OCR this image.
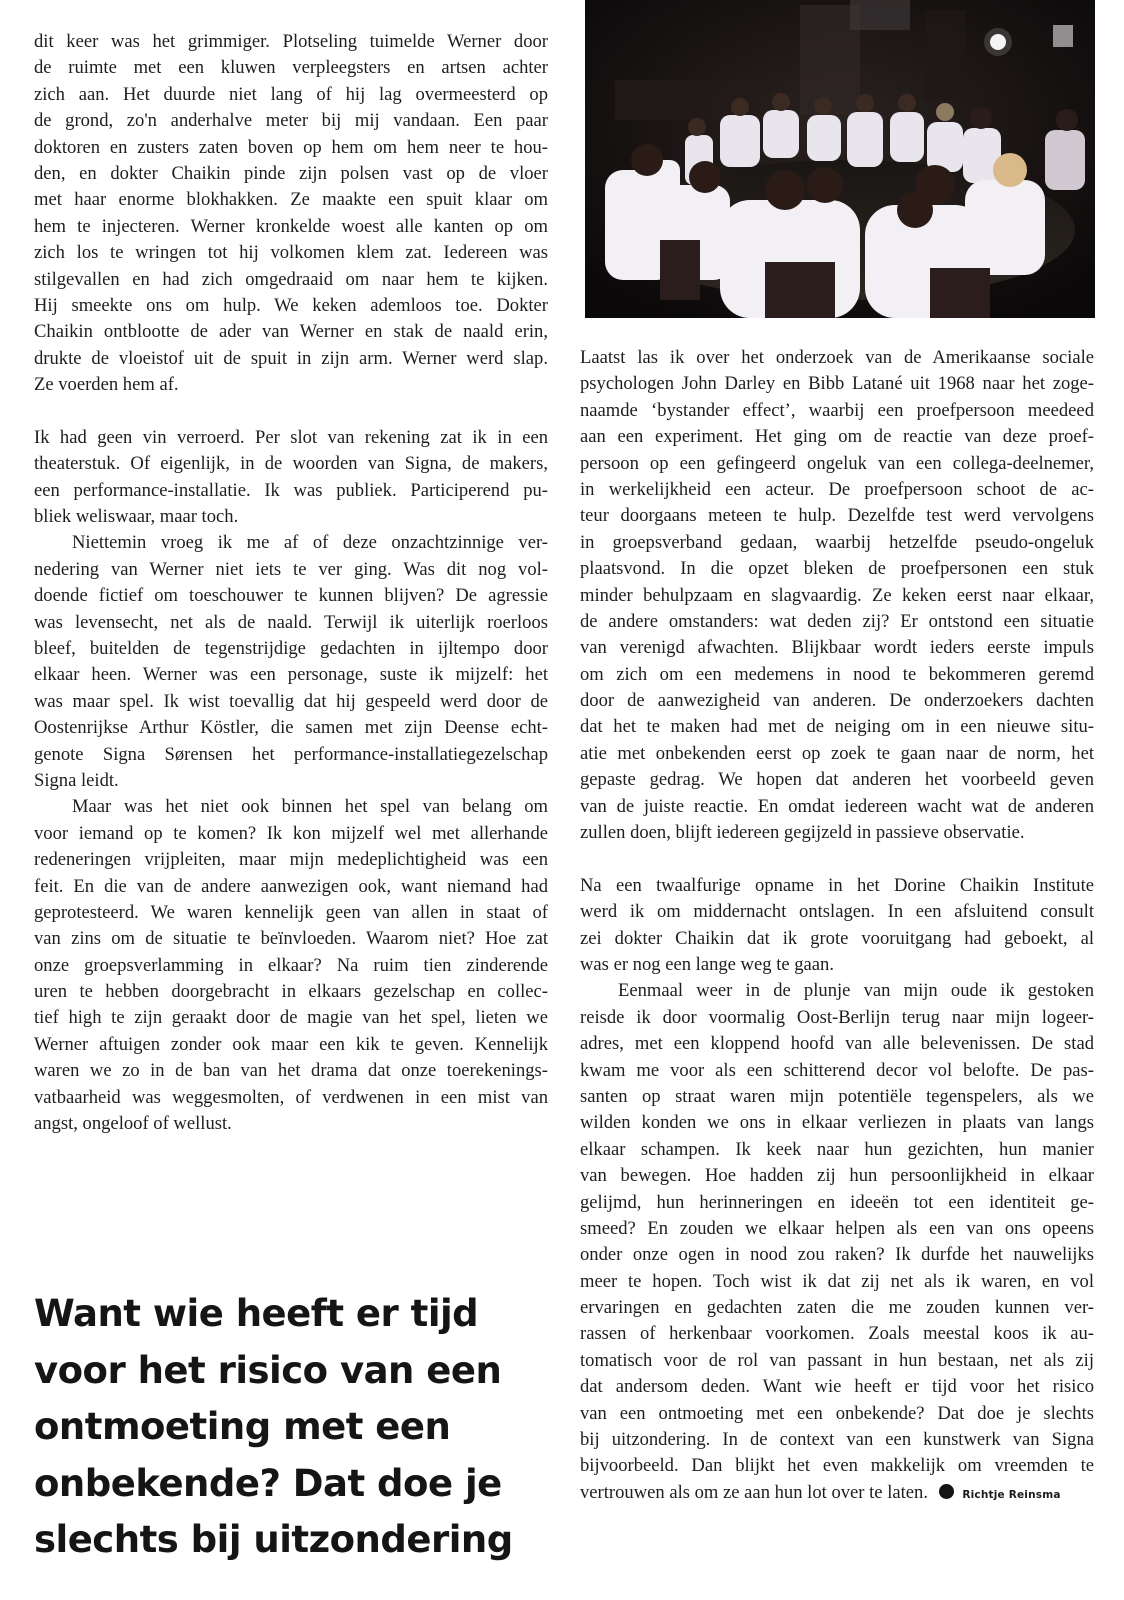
dit keer was het grimmiger. Plotseling tuimelde Werner door
de ruimte met een kluwen verpleegsters en artsen achter
zich aan. Het duurde niet lang of hij lag overmeesterd op
de grond, zo'n anderhalve meter bij mij vandaan. Een paar
doktoren en zusters zaten boven op hem om hem neer te hou-
den, en dokter Chaikin pinde zijn polsen vast op de vloer
met haar enorme blokhakken. Ze maakte een spuit klaar om
hem te injecteren. Werner kronkelde woest alle kanten op om
zich los te wringen tot hij volkomen klem zat. Iedereen was
stilgevallen en had zich omgedraaid om naar hem te kijken.
Hij smeekte ons om hulp. We keken ademloos toe. Dokter
Chaikin ontblootte de ader van Werner en stak de naald erin,
drukte de vloeistof uit de spuit in zijn arm. Werner werd slap.
Ze voerden hem af.
Ik had geen vin verroerd. Per slot van rekening zat ik in een
theaterstuk. Of eigenlijk, in de woorden van Signa, de makers,
een performance-installatie. Ik was publiek. Participerend pu-
bliek weliswaar, maar toch.
Niettemin vroeg ik me af of deze onzachtzinnige ver-
nedering van Werner niet iets te ver ging. Was dit nog vol-
doende fictief om toeschouwer te kunnen blijven? De agressie
was levensecht, net als de naald. Terwijl ik uiterlijk roerloos
bleef, buitelden de tegenstrijdige gedachten in ijltempo door
elkaar heen. Werner was een personage, suste ik mijzelf: het
was maar spel. Ik wist toevallig dat hij gespeeld werd door de
Oostenrijkse Arthur Köstler, die samen met zijn Deense echt-
genote Signa Sørensen het performance-installatiegezelschap
Signa leidt.
Maar was het niet ook binnen het spel van belang om
voor iemand op te komen? Ik kon mijzelf wel met allerhande
redeneringen vrijpleiten, maar mijn medeplichtigheid was een
feit. En die van de andere aanwezigen ook, want niemand had
geprotesteerd. We waren kennelijk geen van allen in staat of
van zins om de situatie te beïnvloeden. Waarom niet? Hoe zat
onze groepsverlamming in elkaar? Na ruim tien zinderende
uren te hebben doorgebracht in elkaars gezelschap en collec-
tief high te zijn geraakt door de magie van het spel, lieten we
Werner aftuigen zonder ook maar een kik te geven. Kennelijk
waren we zo in de ban van het drama dat onze toerekenings-
vatbaarheid was weggesmolten, of verdwenen in een mist van
angst, ongeloof of wellust.
Want wie heeft er tijd
voor het risico van een
ontmoeting met een
onbekende? Dat doe je
slechts bij uitzondering
Laatst las ik over het onderzoek van de Amerikaanse sociale
psychologen John Darley en Bibb Latané uit 1968 naar het zoge-
naamde ‘bystander effect’, waarbij een proefpersoon meedeed
aan een experiment. Het ging om de reactie van deze proef-
persoon op een gefingeerd ongeluk van een collega-deelnemer,
in werkelijkheid een acteur. De proefpersoon schoot de ac-
teur doorgaans meteen te hulp. Dezelfde test werd vervolgens
in groepsverband gedaan, waarbij hetzelfde pseudo-ongeluk
plaatsvond. In die opzet bleken de proefpersonen een stuk
minder behulpzaam en slagvaardig. Ze keken eerst naar elkaar,
de andere omstanders: wat deden zij? Er ontstond een situatie
van verenigd afwachten. Blijkbaar wordt ieders eerste impuls
om zich om een medemens in nood te bekommeren geremd
door de aanwezigheid van anderen. De onderzoekers dachten
dat het te maken had met de neiging om in een nieuwe situ-
atie met onbekenden eerst op zoek te gaan naar de norm, het
gepaste gedrag. We hopen dat anderen het voorbeeld geven
van de juiste reactie. En omdat iedereen wacht wat de anderen
zullen doen, blijft iedereen gegijzeld in passieve observatie.
Na een twaalfurige opname in het Dorine Chaikin Institute
werd ik om middernacht ontslagen. In een afsluitend consult
zei dokter Chaikin dat ik grote vooruitgang had geboekt, al
was er nog een lange weg te gaan.
Eenmaal weer in de plunje van mijn oude ik gestoken
reisde ik door voormalig Oost-Berlijn terug naar mijn logeer-
adres, met een kloppend hoofd van alle belevenissen. De stad
kwam me voor als een schitterend decor vol belofte. De pas-
santen op straat waren mijn potentiële tegenspelers, als we
wilden konden we ons in elkaar verliezen in plaats van langs
elkaar schampen. Ik keek naar hun gezichten, hun manier
van bewegen. Hoe hadden zij hun persoonlijkheid in elkaar
gelijmd, hun herinneringen en ideeën tot een identiteit ge-
smeed? En zouden we elkaar helpen als een van ons opeens
onder onze ogen in nood zou raken? Ik durfde het nauwelijks
meer te hopen. Toch wist ik dat zij net als ik waren, en vol
ervaringen en gedachten zaten die me zouden kunnen ver-
rassen of herkenbaar voorkomen. Zoals meestal koos ik au-
tomatisch voor de rol van passant in hun bestaan, net als zij
dat andersom deden. Want wie heeft er tijd voor het risico
van een ontmoeting met een onbekende? Dat doe je slechts
bij uitzondering. In de context van een kunstwerk van Signa
bijvoorbeeld. Dan blijkt het even makkelijk om vreemden te
vertrouwen als om ze aan hun lot over te laten.	Richtje Reinsma
